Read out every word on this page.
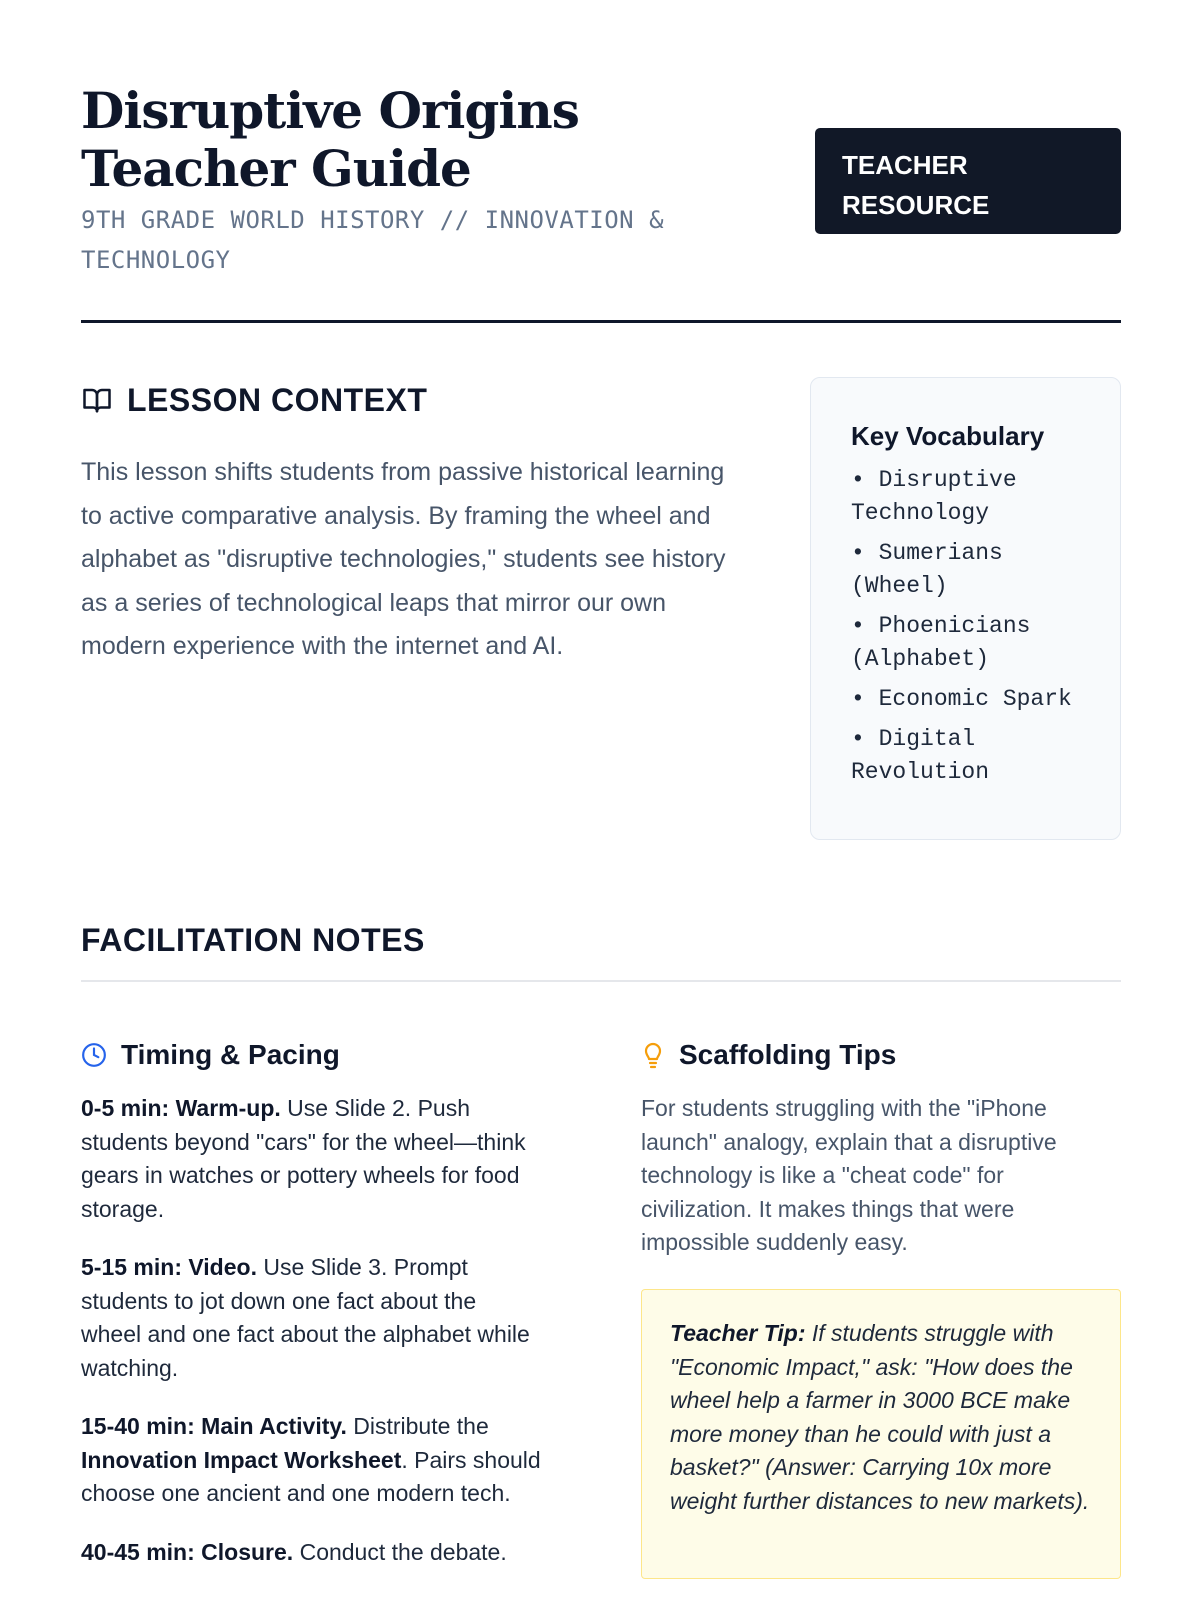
Disruptive Origins Teacher Guide

9TH GRADE WORLD HISTORY // INNOVATION & TECHNOLOGY

TEACHER RESOURCE
LESSON CONTEXT

This lesson shifts students from passive historical learning to active comparative analysis. By framing the wheel and alphabet as "disruptive technologies," students see history as a series of technological leaps that mirror our own modern experience with the internet and AI.

Key Vocabulary
• Disruptive Technology
• Sumerians (Wheel)
• Phoenicians (Alphabet)
• Economic Spark
• Digital Revolution
FACILITATION NOTES
Timing & Pacing

0-5 min: Warm-up. Use Slide 2. Push students beyond "cars" for the wheel—think gears in watches or pottery wheels for food storage.

5-15 min: Video. Use Slide 3. Prompt students to jot down one fact about the wheel and one fact about the alphabet while watching.

15-40 min: Main Activity. Distribute the Innovation Impact Worksheet. Pairs should choose one ancient and one modern tech.

40-45 min: Closure. Conduct the debate.

Scaffolding Tips

For students struggling with the "iPhone launch" analogy, explain that a disruptive technology is like a "cheat code" for civilization. It makes things that were impossible suddenly easy.

Teacher Tip: If students struggle with "Economic Impact," ask: "How does the wheel help a farmer in 3000 BCE make more money than he could with just a basket?" (Answer: Carrying 10x more weight further distances to new markets).
